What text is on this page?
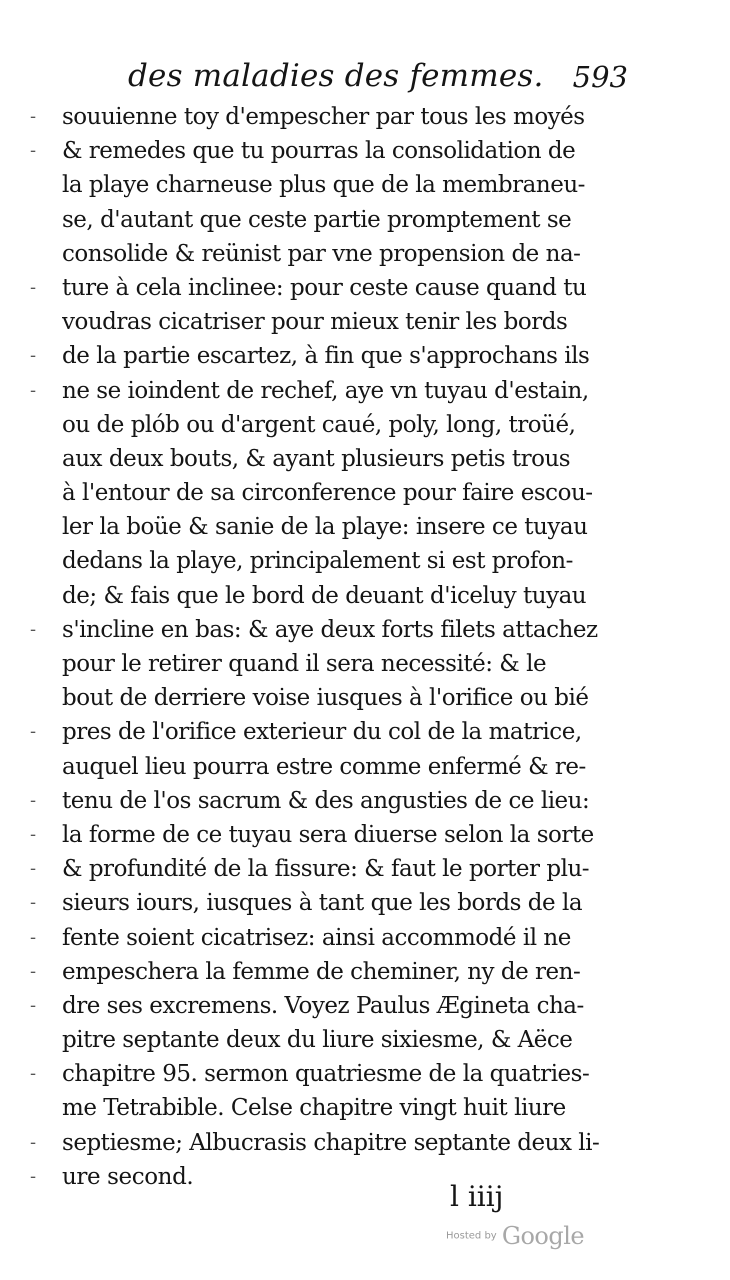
des maladies des femmes. 593
-
-
-
-
-
-
-
-
-
-
-
-
-
-
-
-
-
souuienne toy d'empescher par tous les moyés
& remedes que tu pourras la consolidation de
la playe charneuse plus que de la membraneu-
se, d'autant que ceste partie promptement se
consolide & reünist par vne propension de na-
ture à cela inclinee: pour ceste cause quand tu
voudras cicatriser pour mieux tenir les bords
de la partie escartez, à fin que s'approchans ils
ne se ioindent de rechef, aye vn tuyau d'estain,
ou de plób ou d'argent caué, poly, long, troüé,
aux deux bouts, & ayant plusieurs petis trous
à l'entour de sa circonference pour faire escou-
ler la boüe & sanie de la playe: insere ce tuyau
dedans la playe, principalement si est profon-
de; & fais que le bord de deuant d'iceluy tuyau
s'incline en bas: & aye deux forts filets attachez
pour le retirer quand il sera necessité: & le
bout de derriere voise iusques à l'orifice ou bié
pres de l'orifice exterieur du col de la matrice,
auquel lieu pourra estre comme enfermé & re-
tenu de l'os sacrum & des angusties de ce lieu:
la forme de ce tuyau sera diuerse selon la sorte
& profundité de la fissure: & faut le porter plu-
sieurs iours, iusques à tant que les bords de la
fente soient cicatrisez: ainsi accommodé il ne
empeschera la femme de cheminer, ny de ren-
dre ses excremens. Voyez Paulus Ægineta cha-
pitre septante deux du liure sixiesme, & Aëce
chapitre 95. sermon quatriesme de la quatries-
me Tetrabible. Celse chapitre vingt huit liure
septiesme; Albucrasis chapitre septante deux li-
ure second.
l iiij
Hosted by Google
